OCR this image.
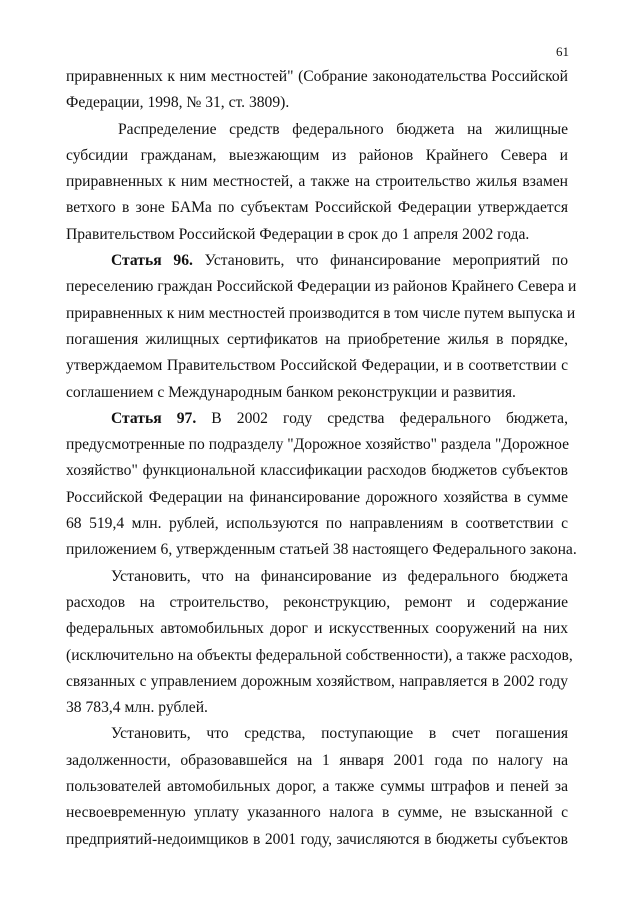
61
приравненных к ним местностей" (Собрание законодательства Российской
Федерации, 1998, № 31, ст. 3809).
Распределение средств федерального бюджета на жилищные
субсидии гражданам, выезжающим из районов Крайнего Севера и
приравненных к ним местностей, а также на строительство жилья взамен
ветхого в зоне БАМа по субъектам Российской Федерации утверждается
Правительством Российской Федерации в срок до 1 апреля 2002 года.
Статья 96. Установить, что финансирование мероприятий по
переселению граждан Российской Федерации из районов Крайнего Севера и
приравненных к ним местностей производится в том числе путем выпуска и
погашения жилищных сертификатов на приобретение жилья в порядке,
утверждаемом Правительством Российской Федерации, и в соответствии с
соглашением с Международным банком реконструкции и развития.
Статья 97. В 2002 году средства федерального бюджета,
предусмотренные по подразделу "Дорожное хозяйство" раздела "Дорожное
хозяйство" функциональной классификации расходов бюджетов субъектов
Российской Федерации на финансирование дорожного хозяйства в сумме
68 519,4 млн. рублей, используются по направлениям в соответствии с
приложением 6, утвержденным статьей 38 настоящего Федерального закона.
Установить, что на финансирование из федерального бюджета
расходов на строительство, реконструкцию, ремонт и содержание
федеральных автомобильных дорог и искусственных сооружений на них
(исключительно на объекты федеральной собственности), а также расходов,
связанных с управлением дорожным хозяйством, направляется в 2002 году
38 783,4 млн. рублей.
Установить, что средства, поступающие в счет погашения
задолженности, образовавшейся на 1 января 2001 года по налогу на
пользователей автомобильных дорог, а также суммы штрафов и пеней за
несвоевременную уплату указанного налога в сумме, не взысканной с
предприятий-недоимщиков в 2001 году, зачисляются в бюджеты субъектов
